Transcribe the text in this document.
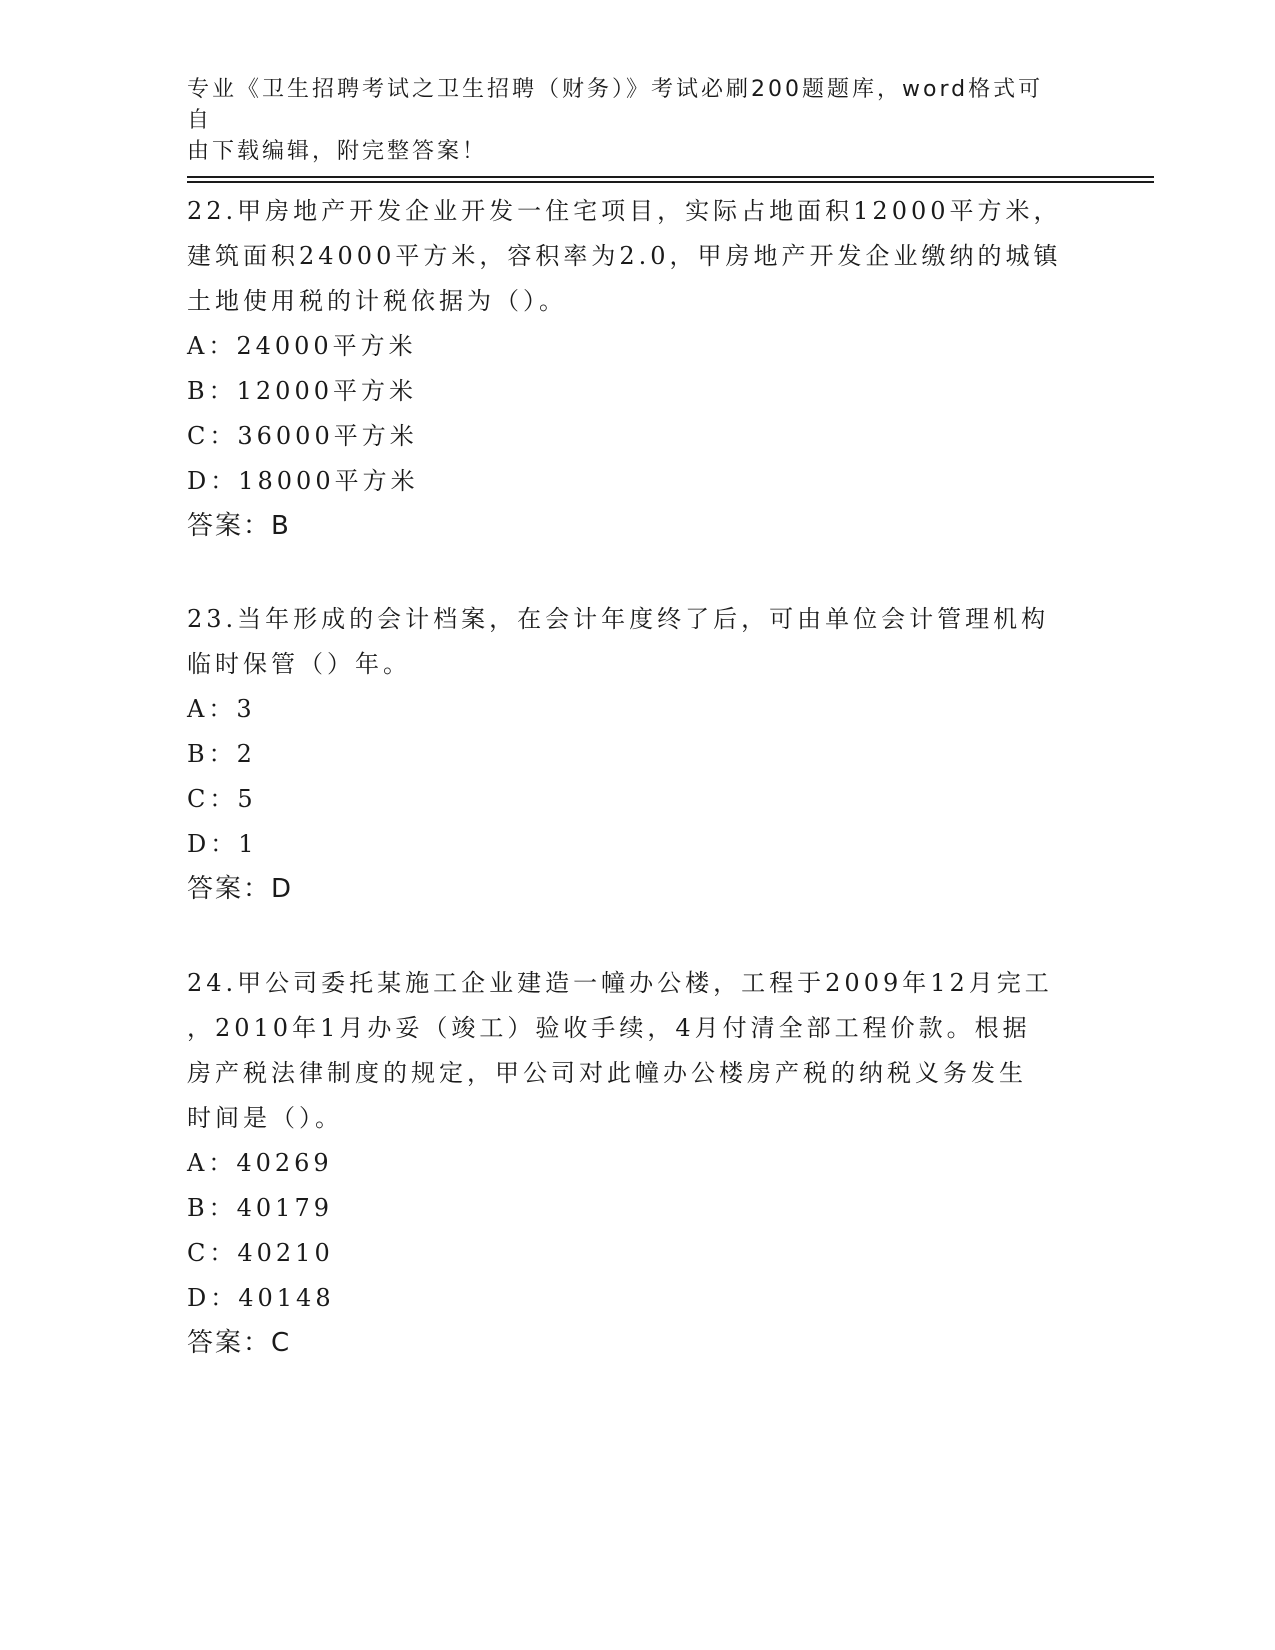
专业《卫生招聘考试之卫生招聘（财务）》考试必刷200题题库，word格式可自
由下载编辑，附完整答案！

22.甲房地产开发企业开发一住宅项目，实际占地面积12000平方米，

建筑面积24000平方米，容积率为2.0，甲房地产开发企业缴纳的城镇

土地使用税的计税依据为（）。

A：24000平方米

B：12000平方米

C：36000平方米

D：18000平方米

答案：B

23.当年形成的会计档案，在会计年度终了后，可由单位会计管理机构

临时保管（）年。

A：3

B：2

C：5

D：1

答案：D

24.甲公司委托某施工企业建造一幢办公楼，工程于2009年12月完工

，2010年1月办妥（竣工）验收手续，4月付清全部工程价款。根据

房产税法律制度的规定，甲公司对此幢办公楼房产税的纳税义务发生

时间是（）。

A：40269

B：40179

C：40210

D：40148

答案：C
